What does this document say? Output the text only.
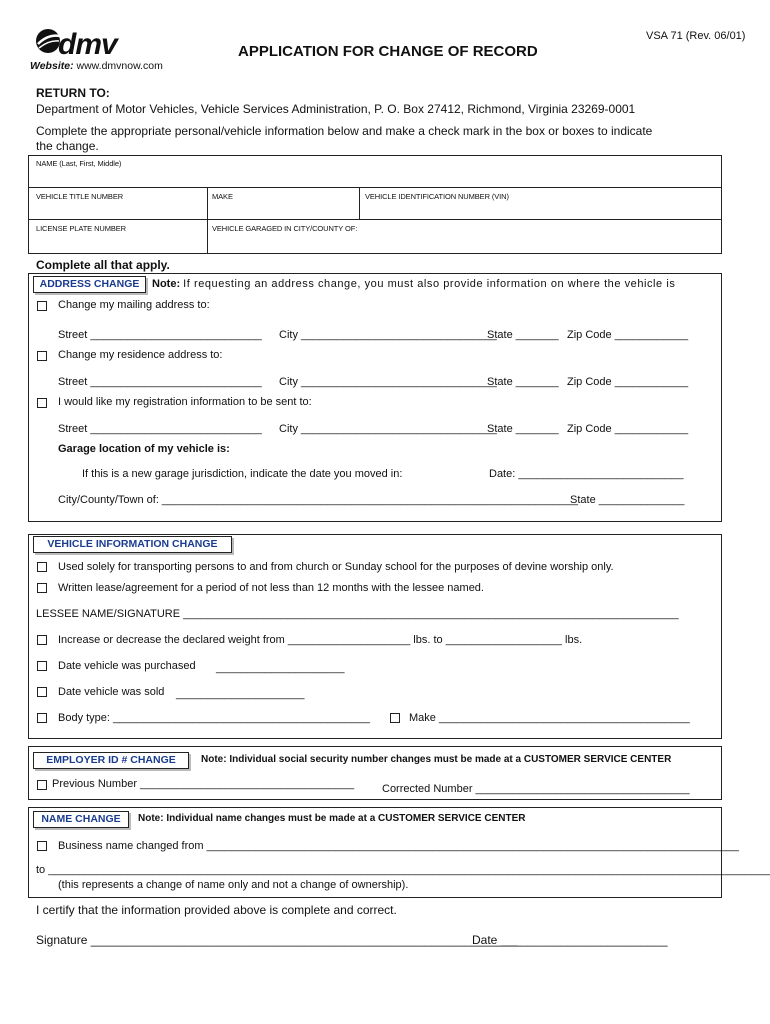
dmv
Website: www.dmvnow.com
VSA 71 (Rev. 06/01)
APPLICATION FOR CHANGE OF RECORD
RETURN TO:
Department of Motor Vehicles, Vehicle Services Administration, P. O. Box 27412, Richmond, Virginia 23269-0001
Complete the appropriate personal/vehicle information below and make a check mark in the box or boxes to indicate
the change.
NAME (Last, First, Middle)
VEHICLE TITLE NUMBER	MAKE	VEHICLE IDENTIFICATION NUMBER (VIN)
LICENSE PLATE NUMBER	VEHICLE GARAGED IN CITY/COUNTY OF:
Complete all that apply.
ADDRESS CHANGE	Note: If requesting an address change, you must also provide information on where the vehicle is
Change my mailing address to:
Street ____________________________ City ________________________________
State _______ Zip Code ____________
Change my residence address to:
Street ____________________________ City ________________________________
State _______ Zip Code ____________
I would like my registration information to be sent to:
Street ____________________________ City ________________________________
State _______ Zip Code ____________
Garage location of my vehicle is:
If this is a new garage jurisdiction, indicate the date you moved in:	Date: ___________________________
City/County/Town of: ____________________________________________________________________
State ______________
VEHICLE INFORMATION CHANGE
Used solely for transporting persons to and from church or Sunday school for the purposes of devine worship only.
Written lease/agreement for a period of not less than 12 months with the lessee named.
LESSEE NAME/SIGNATURE _________________________________________________________________________________
Increase or decrease the declared weight from ____________________ lbs. to ___________________ lbs.
Date vehicle was purchased _____________________
Date vehicle was sold _____________________
Body type: __________________________________________	Make _________________________________________
EMPLOYER ID # CHANGE	Note: Individual social security number changes must be made at a CUSTOMER SERVICE CENTER
Previous Number ___________________________________	Corrected Number ___________________________________
NAME CHANGE	Note: Individual name changes must be made at a CUSTOMER SERVICE CENTER
Business name changed from _______________________________________________________________________________________
to ______________________________________________________________________________________________________________________
(this represents a change of name only and not a change of ownership).
I certify that the information provided above is complete and correct.
Signature ________________________________________________________________
Date _________________________
